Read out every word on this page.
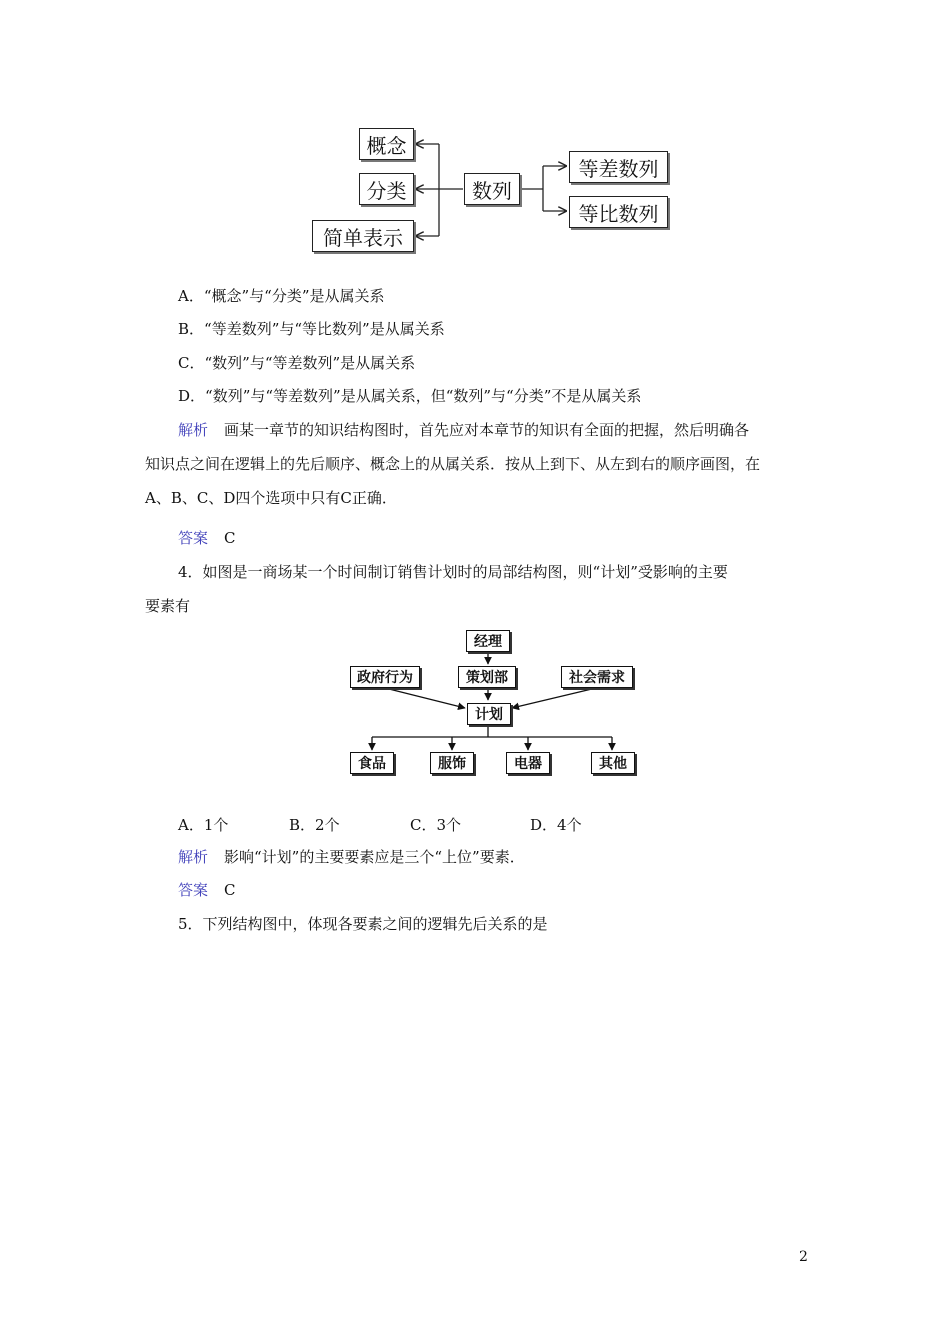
概念
分类
简单表示
数列
等差数列
等比数列
A．“概念”与“分类”是从属关系
B．“等差数列”与“等比数列”是从属关系
C．“数列”与“等差数列”是从属关系
D．“数列”与“等差数列”是从属关系，但“数列”与“分类”不是从属关系
解析 画某一章节的知识结构图时，首先应对本章节的知识有全面的把握，然后明确各
知识点之间在逻辑上的先后顺序、概念上的从属关系．按从上到下、从左到右的顺序画图，在
A、B、C、D四个选项中只有C正确．
答案 C
4．如图是一商场某一个时间制订销售计划时的局部结构图，则“计划”受影响的主要
要素有
经理
政府行为	策划部	社会需求
计划
食品	服饰	电器	其他
A．1个	B．2个	C．3个	D．4个
解析 影响“计划”的主要要素应是三个“上位”要素．
答案 C
5．下列结构图中，体现各要素之间的逻辑先后关系的是
2
